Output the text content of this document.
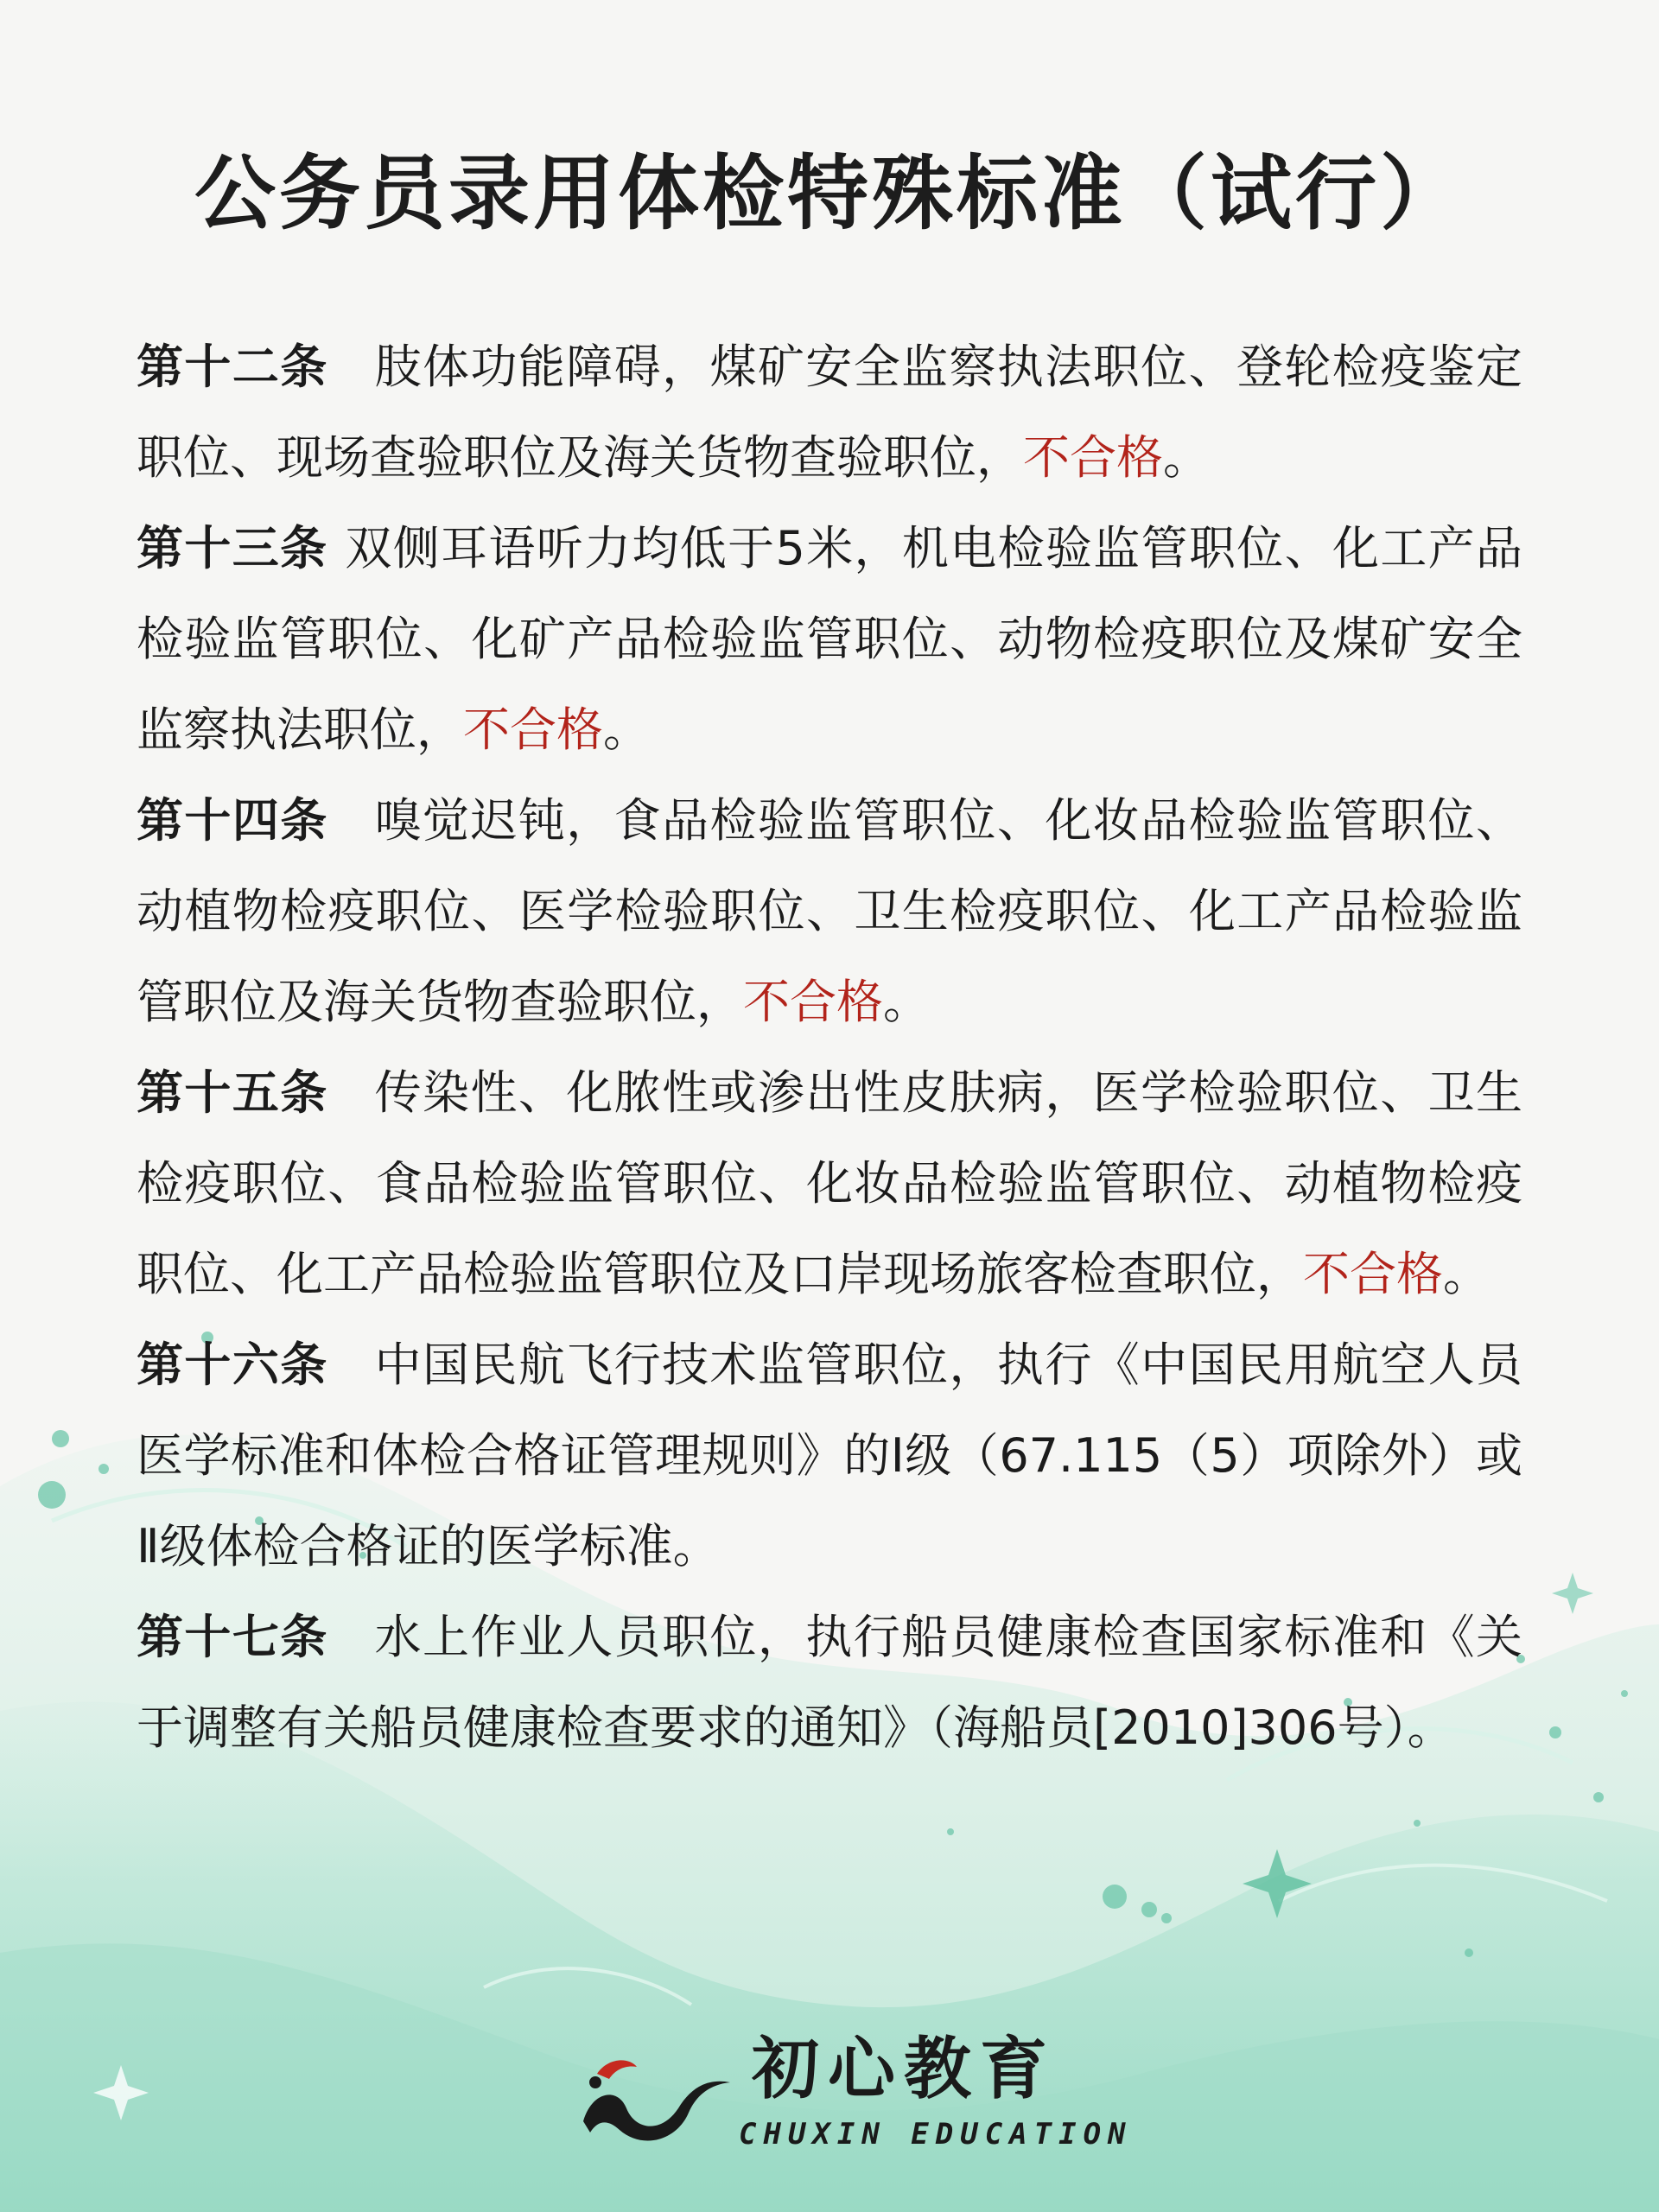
公务员录用体检特殊标准（试行）

第十二条 肢体功能障碍，煤矿安全监察执法职位、登轮检疫鉴定职位、现场查验职位及海关货物查验职位，不合格。

第十三条 双侧耳语听力均低于5米，机电检验监管职位、化工产品检验监管职位、化矿产品检验监管职位、动物检疫职位及煤矿安全监察执法职位，不合格。

第十四条 嗅觉迟钝，食品检验监管职位、化妆品检验监管职位、动植物检疫职位、医学检验职位、卫生检疫职位、化工产品检验监管职位及海关货物查验职位，不合格。

第十五条 传染性、化脓性或渗出性皮肤病，医学检验职位、卫生检疫职位、食品检验监管职位、化妆品检验监管职位、动植物检疫职位、化工产品检验监管职位及口岸现场旅客检查职位，不合格。

第十六条 中国民航飞行技术监管职位，执行《中国民用航空人员医学标准和体检合格证管理规则》的Ⅰ级（67.115（5）项除外）或Ⅱ级体检合格证的医学标准。

第十七条 水上作业人员职位，执行船员健康检查国家标准和《关于调整有关船员健康检查要求的通知》（海船员[2010]306号）。

初心教育
CHUXIN EDUCATION
